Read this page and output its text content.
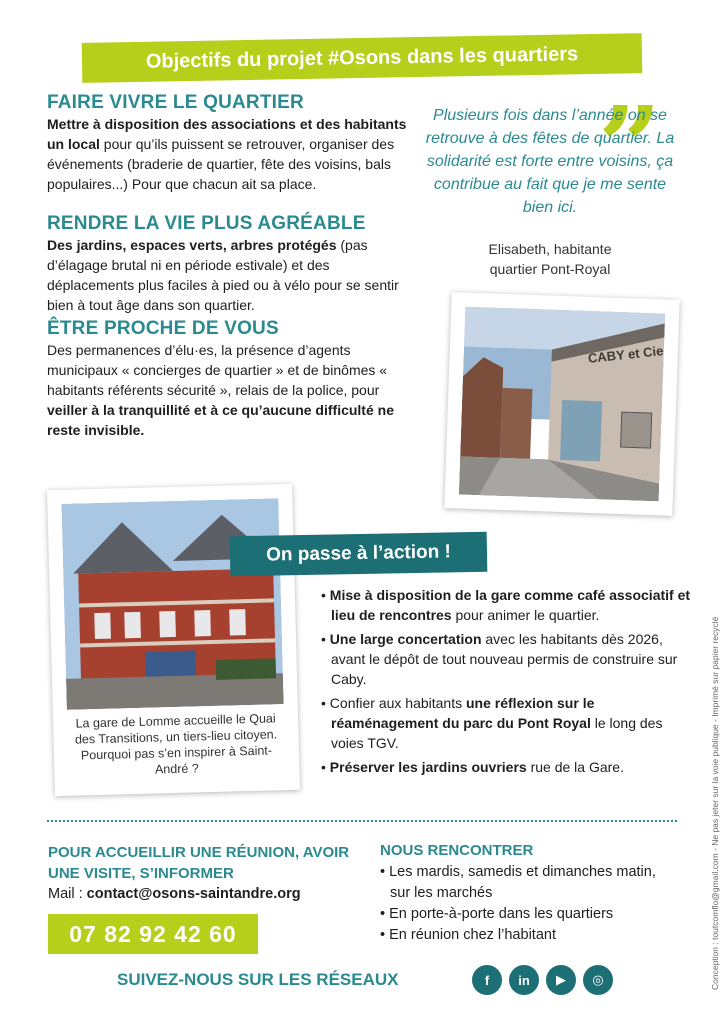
Objectifs du projet #Osons dans les quartiers
FAIRE VIVRE LE QUARTIER

Mettre à disposition des associations et des habitants un local pour qu’ils puissent se retrouver, organiser des événements (braderie de quartier, fête des voisins, bals populaires...) Pour que chacun ait sa place.

RENDRE LA VIE PLUS AGRÉABLE

Des jardins, espaces verts, arbres protégés (pas d’élagage brutal ni en période estivale) et des déplacements plus faciles à pied ou à vélo pour se sentir bien à tout âge dans son quartier.

ÊTRE PROCHE DE VOUS

Des permanences d’élu·es, la présence d’agents municipaux « concierges de quartier » et de binômes « habitants référents sécurité », relais de la police, pour veiller à la tranquillité et à ce qu’aucune difficulté ne reste invisible.

”
Plusieurs fois dans l’année on se retrouve à des fêtes de quartier. La solidarité est forte entre voisins, ça contribue au fait que je me sente bien ici.
Elisabeth, habitante
quartier Pont-Royal
CABY et Cie
La gare de Lomme accueille le Quai des Transitions, un tiers-lieu citoyen. Pourquoi pas s’en inspirer à Saint-André ?
On passe à l’action !
• Mise à disposition de la gare comme café associatif et lieu de rencontres pour animer le quartier.
• Une large concertation avec les habitants dès 2026, avant le dépôt de tout nouveau permis de construire sur Caby.
• Confier aux habitants une réflexion sur le réaménagement du parc du Pont Royal le long des voies TGV.
• Préserver les jardins ouvriers rue de la Gare.
POUR ACCUEILLIR UNE RÉUNION, AVOIR UNE VISITE, S’INFORMER
Mail : contact@osons-saintandre.org
07 82 92 42 60
NOUS RENCONTRER
• Les mardis, samedis et dimanches matin, sur les marchés
• En porte-à-porte dans les quartiers
• En réunion chez l’habitant
SUIVEZ-NOUS SUR LES RÉSEAUX	f	in	▶	◎	Conception : toutcomflo@gmail.com - Ne pas jeter sur la voie publique - Imprimé sur papier recyclé
